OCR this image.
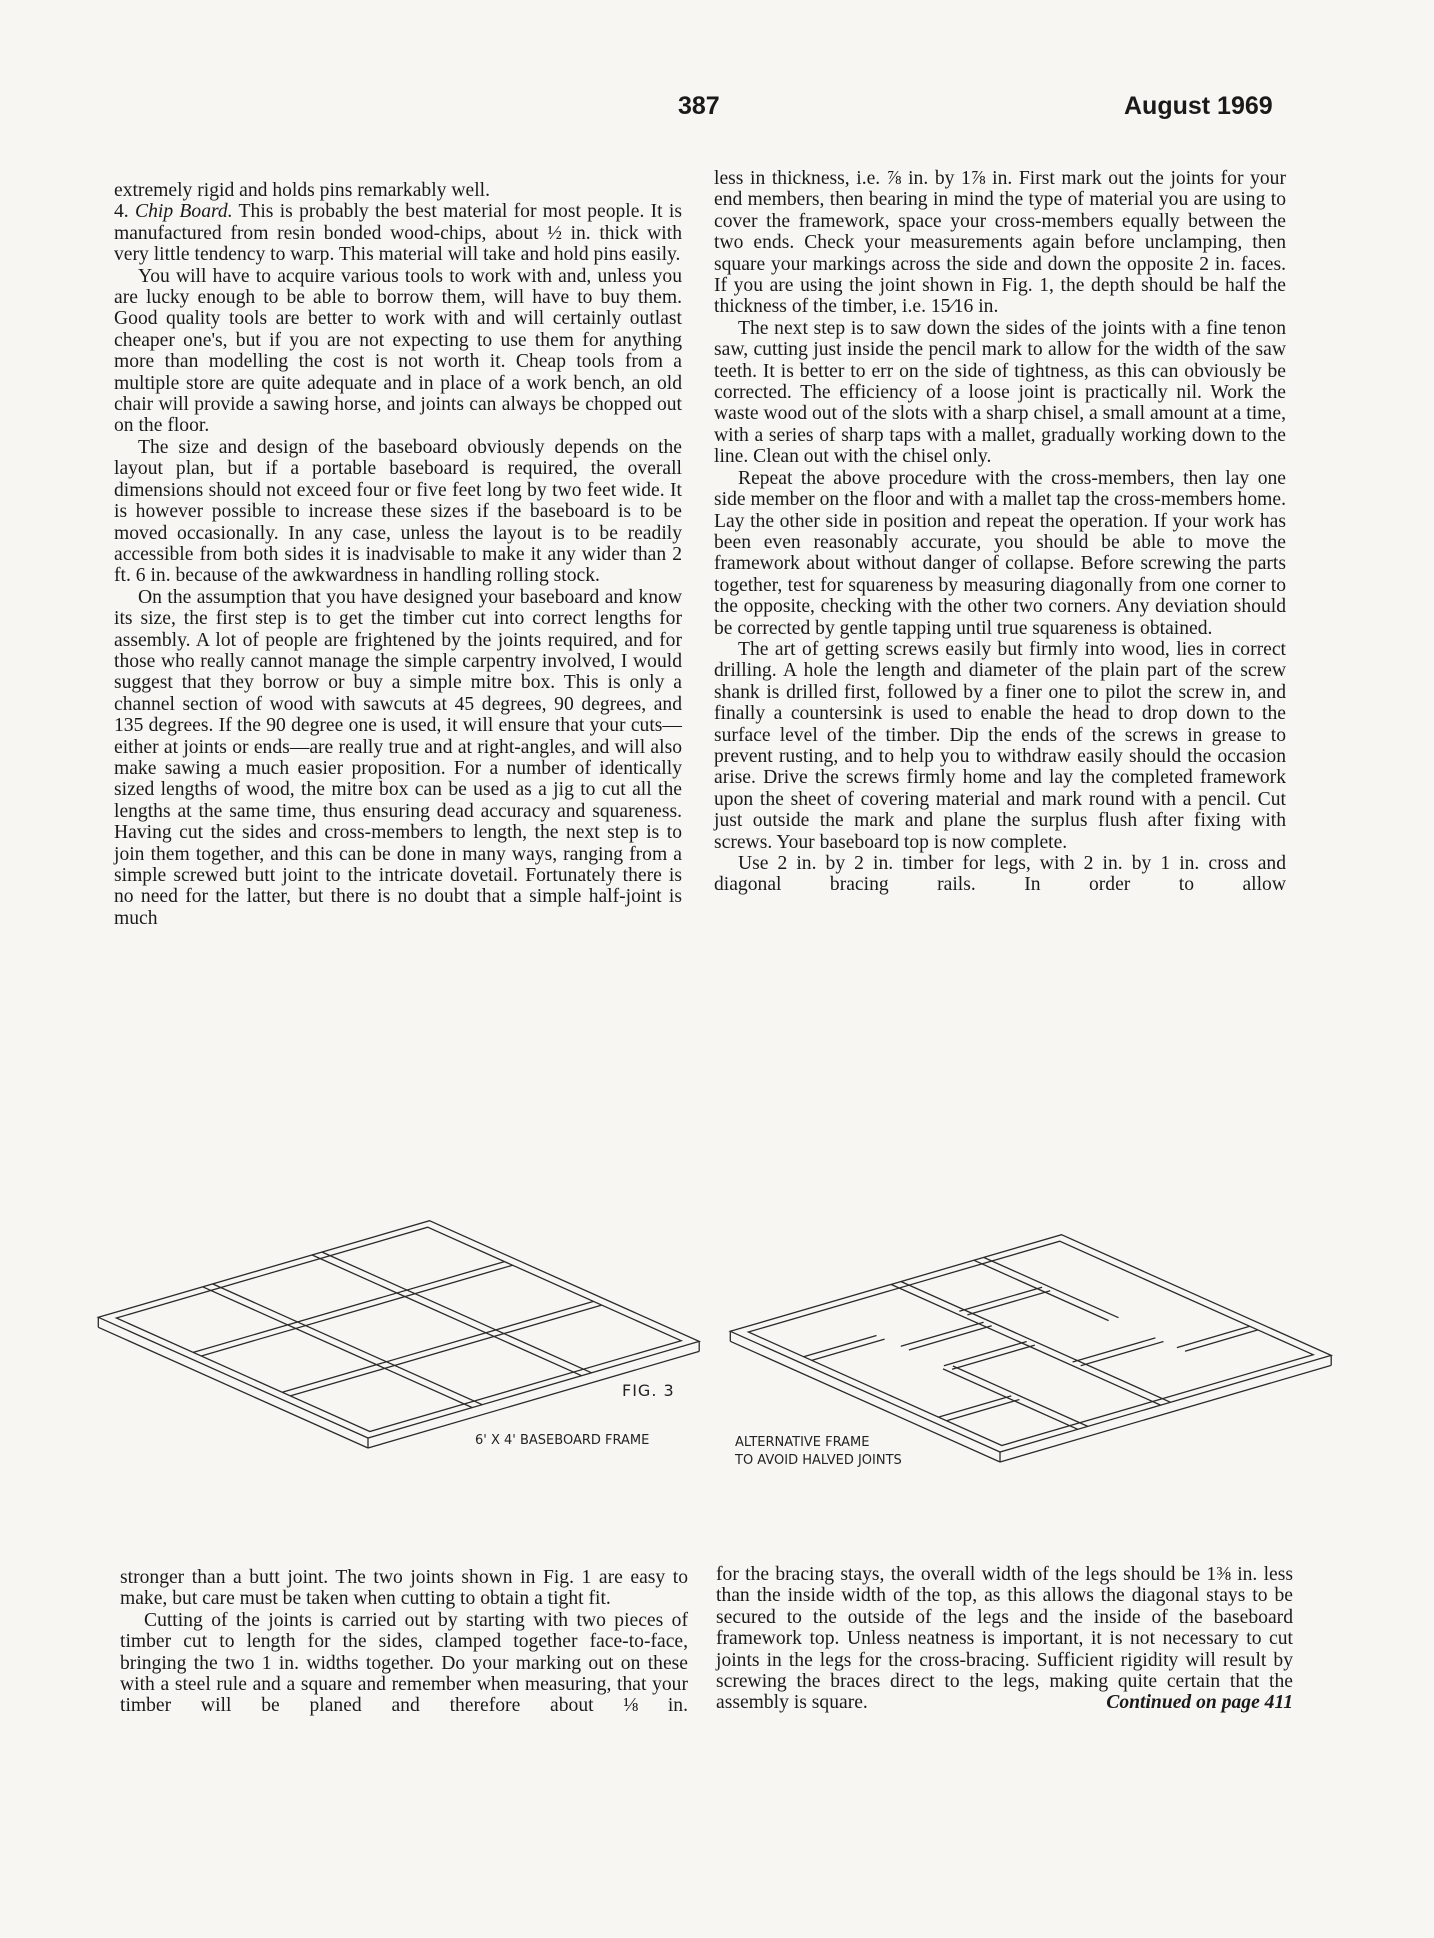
387	August 1969

extremely rigid and holds pins remarkably well.

4. Chip Board. This is probably the best material for most people. It is manufactured from resin bonded wood-chips, about ½ in. thick with very little tendency to warp. This material will take and hold pins easily.

You will have to acquire various tools to work with and, unless you are lucky enough to be able to borrow them, will have to buy them. Good quality tools are better to work with and will certainly outlast cheaper one's, but if you are not expecting to use them for anything more than modelling the cost is not worth it. Cheap tools from a multiple store are quite adequate and in place of a work bench, an old chair will provide a sawing horse, and joints can always be chopped out on the floor.

The size and design of the baseboard obviously depends on the layout plan, but if a portable baseboard is required, the overall dimensions should not exceed four or five feet long by two feet wide. It is however possible to increase these sizes if the baseboard is to be moved occasionally. In any case, unless the layout is to be readily accessible from both sides it is inadvisable to make it any wider than 2 ft. 6 in. because of the awkwardness in handling rolling stock.

On the assumption that you have designed your baseboard and know its size, the first step is to get the timber cut into correct lengths for assembly. A lot of people are frightened by the joints required, and for those who really cannot manage the simple carpentry involved, I would suggest that they borrow or buy a simple mitre box. This is only a channel section of wood with sawcuts at 45 degrees, 90 degrees, and 135 degrees. If the 90 degree one is used, it will ensure that your cuts—either at joints or ends—are really true and at right-angles, and will also make sawing a much easier proposition. For a number of identically sized lengths of wood, the mitre box can be used as a jig to cut all the lengths at the same time, thus ensuring dead accuracy and squareness. Having cut the sides and cross-members to length, the next step is to join them together, and this can be done in many ways, ranging from a simple screwed butt joint to the intricate dovetail. Fortunately there is no need for the latter, but there is no doubt that a simple half-joint is much

less in thickness, i.e. ⅞ in. by 1⅞ in. First mark out the joints for your end members, then bearing in mind the type of material you are using to cover the framework, space your cross-members equally between the two ends. Check your measurements again before unclamping, then square your markings across the side and down the opposite 2 in. faces. If you are using the joint shown in Fig. 1, the depth should be half the thickness of the timber, i.e. 15⁄16 in.

The next step is to saw down the sides of the joints with a fine tenon saw, cutting just inside the pencil mark to allow for the width of the saw teeth. It is better to err on the side of tightness, as this can obviously be corrected. The efficiency of a loose joint is practically nil. Work the waste wood out of the slots with a sharp chisel, a small amount at a time, with a series of sharp taps with a mallet, gradually working down to the line. Clean out with the chisel only.

Repeat the above procedure with the cross-members, then lay one side member on the floor and with a mallet tap the cross-members home. Lay the other side in position and repeat the operation. If your work has been even reasonably accurate, you should be able to move the framework about without danger of collapse. Before screwing the parts together, test for squareness by measuring diagonally from one corner to the opposite, checking with the other two corners. Any deviation should be corrected by gentle tapping until true squareness is obtained.

The art of getting screws easily but firmly into wood, lies in correct drilling. A hole the length and diameter of the plain part of the screw shank is drilled first, followed by a finer one to pilot the screw in, and finally a countersink is used to enable the head to drop down to the surface level of the timber. Dip the ends of the screws in grease to prevent rusting, and to help you to withdraw easily should the occasion arise. Drive the screws firmly home and lay the completed framework upon the sheet of covering material and mark round with a pencil. Cut just outside the mark and plane the surplus flush after fixing with screws. Your baseboard top is now complete.

Use 2 in. by 2 in. timber for legs, with 2 in. by 1 in. cross and diagonal bracing rails. In order to allow

FIG. 3
6' X 4' BASEBOARD FRAME	ALTERNATIVE FRAME
TO AVOID HALVED JOINTS

stronger than a butt joint. The two joints shown in Fig. 1 are easy to make, but care must be taken when cutting to obtain a tight fit.

Cutting of the joints is carried out by starting with two pieces of timber cut to length for the sides, clamped together face-to-face, bringing the two 1 in. widths together. Do your marking out on these with a steel rule and a square and remember when measuring, that your timber will be planed and therefore about ⅛ in.

for the bracing stays, the overall width of the legs should be 1⅜ in. less than the inside width of the top, as this allows the diagonal stays to be secured to the outside of the legs and the inside of the baseboard framework top. Unless neatness is important, it is not necessary to cut joints in the legs for the cross-bracing. Sufficient rigidity will result by screwing the braces direct to the legs, making quite certain that the assembly is square.	Continued on page 411
